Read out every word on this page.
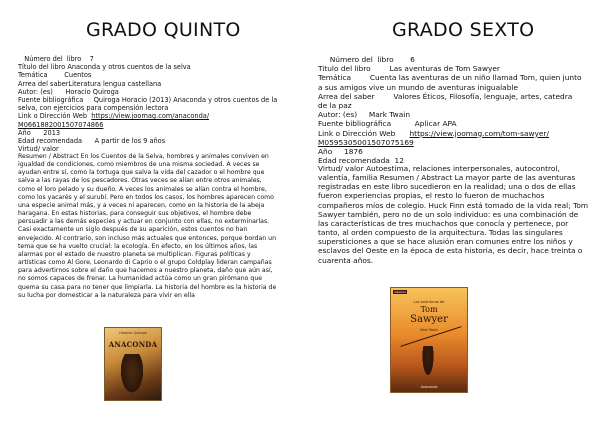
GRADO QUINTO
Número del  libro    7
Título del libro Anaconda y otros cuentos de la selva
Temática        Cuentos
Arrea del saberLiteratura lengua castellana
Autor: (es)      Horacio Quiroga
Fuente bibliográfica     Quiroga Horacio (2013) Anaconda y otros cuentos de la
selva, con ejercicios para compensión lectora
Link o Dirección Web https://view.joomag.com/anaconda/
M0661882001507074866
Año      2013
Edad recomendada      A partir de los 9 años
Virtud/ valor
Resumen / Abstract En los Cuentos de la Selva, hombres y animales conviven en igualdad de condiciones, como miembros de una misma sociedad. A veces se ayudan entre sí, como la tortuga que salva la vida del cazador o el hombre que salva a las rayas de los pescadores. Otras veces se alían entre otros animales, como el loro pelado y su dueño. A veces los animales se alían contra el hombre, como los yacarés y el surubí. Pero en todos los casos, los hombres aparecen como una especie animal más, y a veces ni aparecen, como en la historia de la abeja haragana. En estas historias, para conseguir sus objetivos, el hombre debe persuadir a las demás especies y actuar en conjunto con ellas, no exterminarlas. Casi exactamente un siglo después de su aparición, estos cuentos no han envejecido. Al contrario, son incluso más actuales que entonces, porque bordan un tema que se ha vuelto crucial: la ecología. En efecto, en los últimos años, las alarmas por el estado de nuestro planeta se multiplican. Figuras políticas y artísticas como Al Gore, Leonardo di Caprio o el grupo Coldplay lideran campañas para advertirnos sobre el daño que hacemos a nuestro planeta, daño que aún así, no somos capaces de frenar. La humanidad actúa como un gran pirómano que quema su casa para no tener que limpiarla. La historia del hombre es la historia de su lucha por domesticar a la naturaleza para vivir en ella
Horacio Quiroga
ANACONDA
GRADO SEXTO
Número del  libro       6
Titulo del libro        Las aventuras de Tom Sawyer
Temática        Cuenta las aventuras de un niño llamad Tom, quien junto
a sus amigos vive un mundo de aventuras inigualable
Arrea del saber        Valores Éticos, Filosofía, lenguaje, artes, catedra
de la paz
Autor: (es)     Mark Twain
Fuente bibliográfica          Aplicar APA
Link o Dirección Web https://view.joomag.com/tom-sawyer/
M0595305001507075169
Año     1876
Edad recomendada  12
Virtud/ valor Autoestima, relaciones interpersonales, autocontrol, valentía, familia Resumen / Abstract La mayor parte de las aventuras registradas en este libro sucedieron en la realidad; una o dos de ellas fueron experiencias propias, el resto lo fueron de muchachos compañeros míos de colegio. Huck Finn está tomado de la vida real; Tom Sawyer también, pero no de un solo individuo: es una combinación de las características de tres muchachos que conocía y pertenece, por tanto, al orden compuesto de la arquitectura. Todas las singulares supersticiones a que se hace alusión eran comunes entre los niños y esclavos del Oeste en la época de esta historia, es decir, hace treinta o cuarenta años.
clásicos
Las aventuras de
Tom
Sawyer
Mark Twain
Anaconda
